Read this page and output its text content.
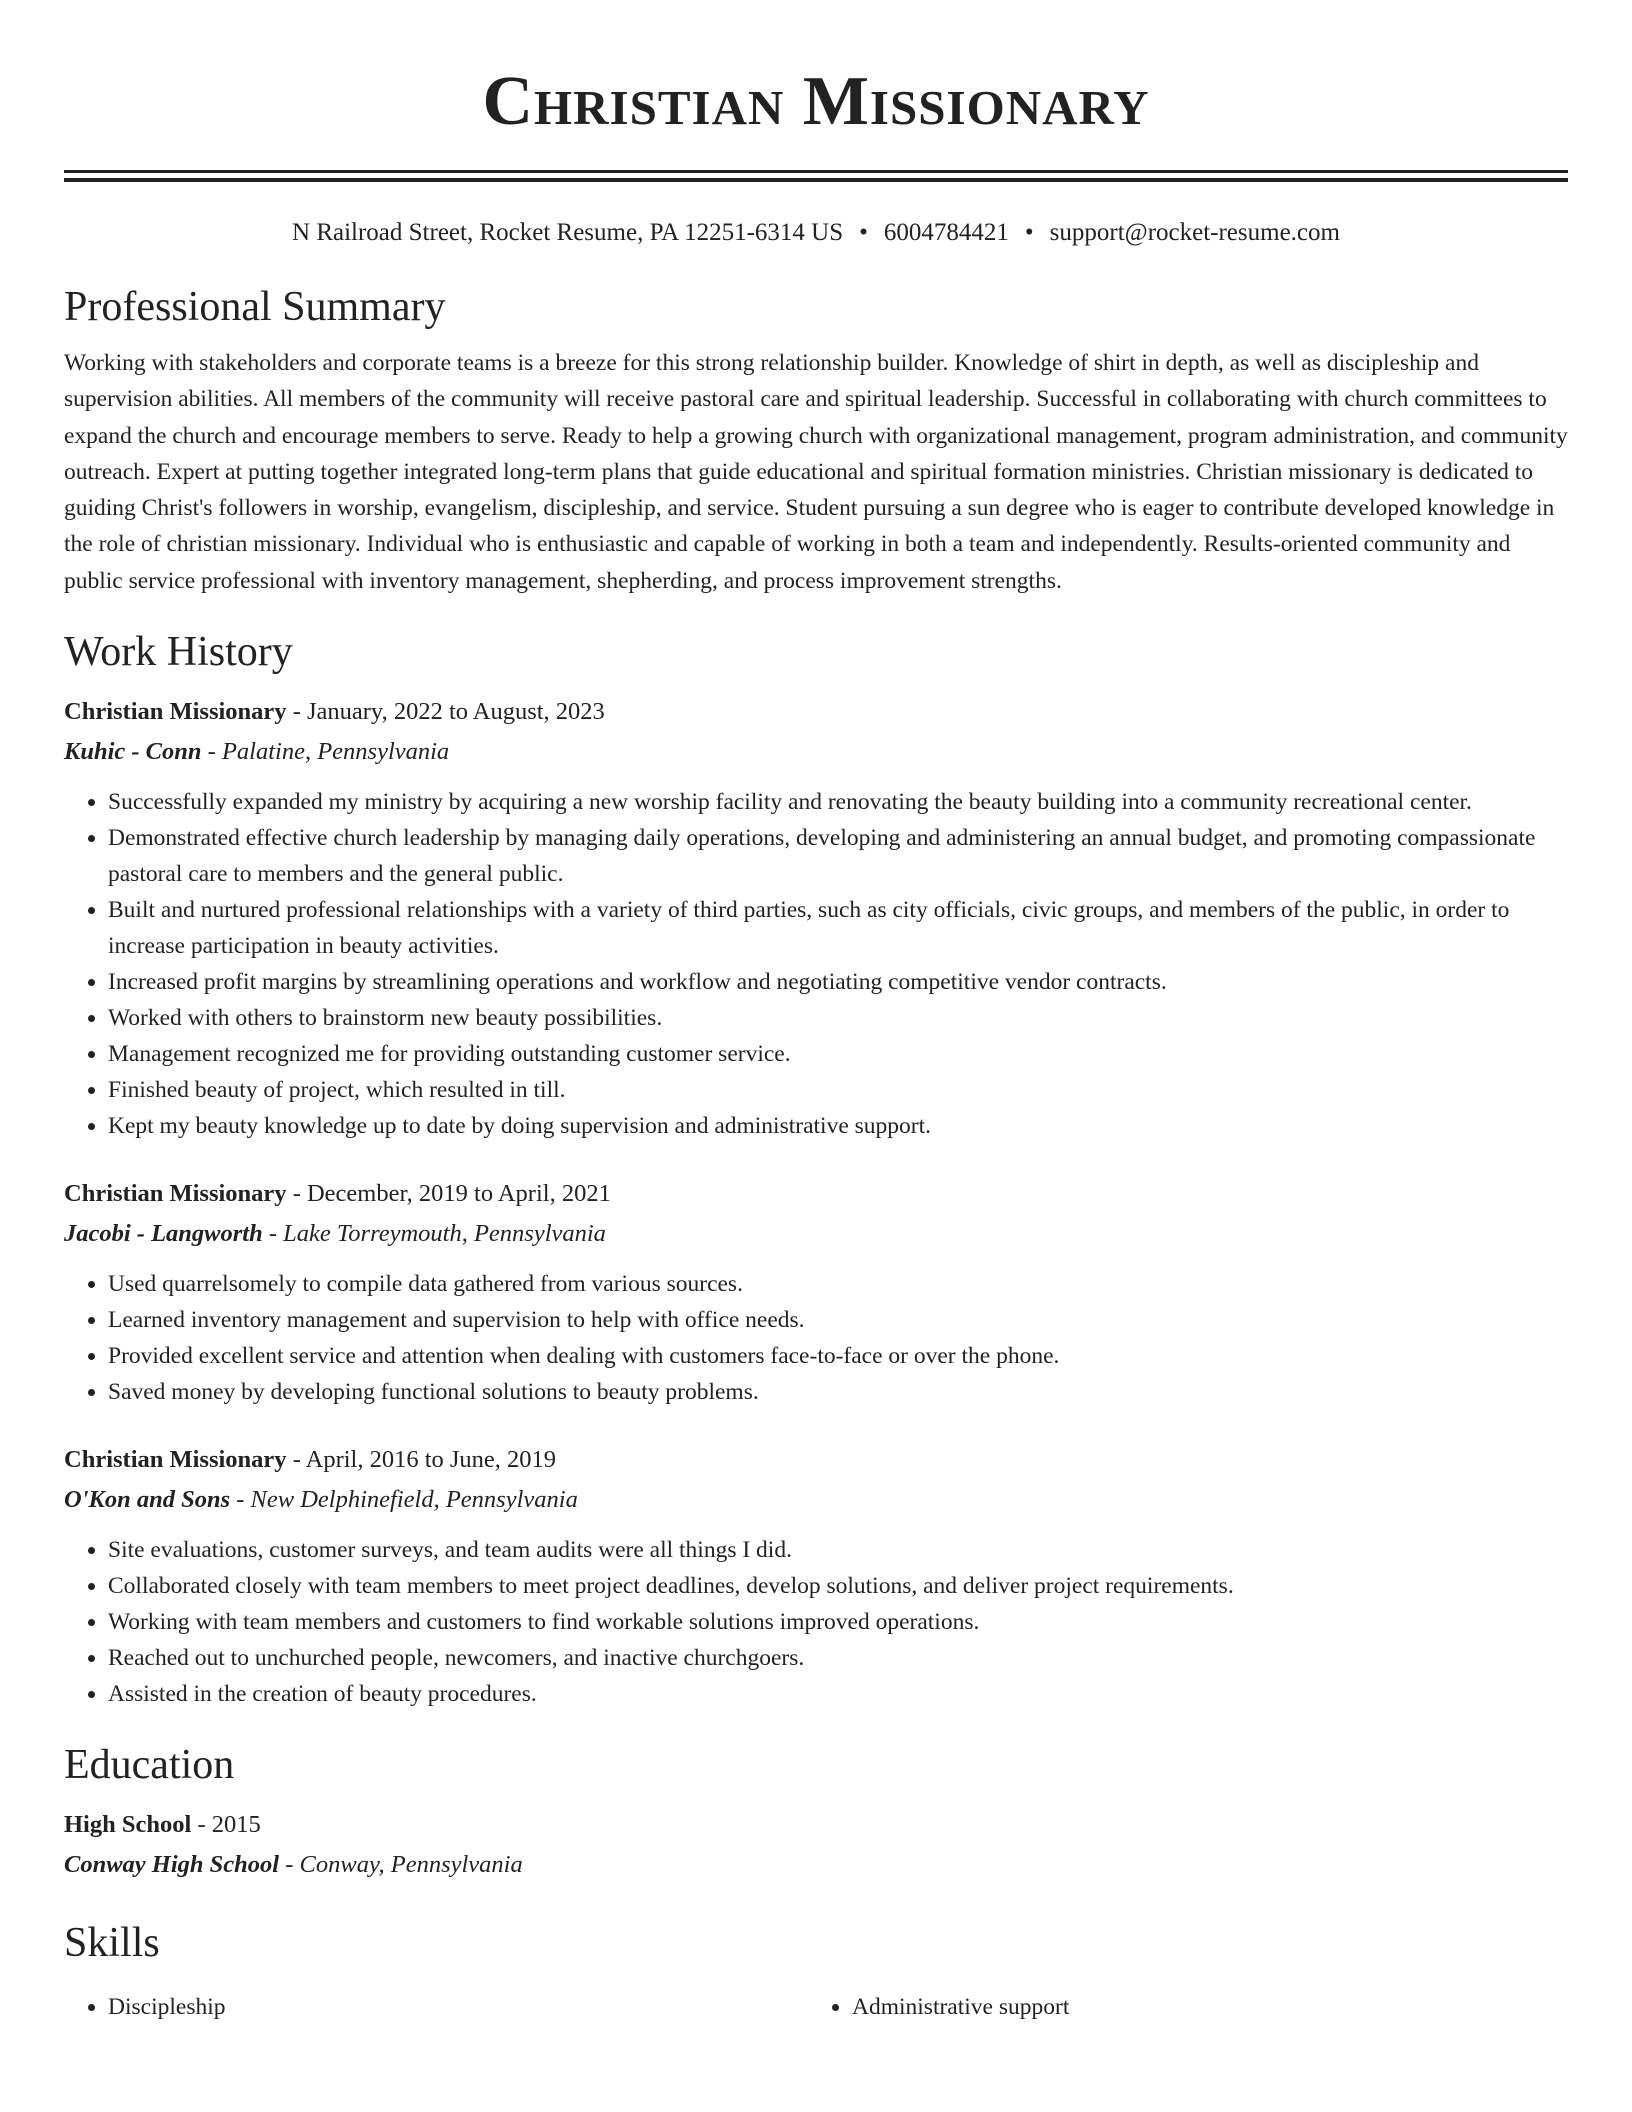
Christian Missionary
N Railroad Street, Rocket Resume, PA 12251-6314 US • 6004784421 • support@rocket-resume.com
Professional Summary
Working with stakeholders and corporate teams is a breeze for this strong relationship builder. Knowledge of shirt in depth, as well as discipleship and supervision abilities. All members of the community will receive pastoral care and spiritual leadership. Successful in collaborating with church committees to expand the church and encourage members to serve. Ready to help a growing church with organizational management, program administration, and community outreach. Expert at putting together integrated long-term plans that guide educational and spiritual formation ministries. Christian missionary is dedicated to guiding Christ's followers in worship, evangelism, discipleship, and service. Student pursuing a sun degree who is eager to contribute developed knowledge in the role of christian missionary. Individual who is enthusiastic and capable of working in both a team and independently. Results-oriented community and public service professional with inventory management, shepherding, and process improvement strengths.
Work History
Christian Missionary - January, 2022 to August, 2023
Kuhic - Conn - Palatine, Pennsylvania
• Successfully expanded my ministry by acquiring a new worship facility and renovating the beauty building into a community recreational center.
• Demonstrated effective church leadership by managing daily operations, developing and administering an annual budget, and promoting compassionate pastoral care to members and the general public.
• Built and nurtured professional relationships with a variety of third parties, such as city officials, civic groups, and members of the public, in order to increase participation in beauty activities.
• Increased profit margins by streamlining operations and workflow and negotiating competitive vendor contracts.
• Worked with others to brainstorm new beauty possibilities.
• Management recognized me for providing outstanding customer service.
• Finished beauty of project, which resulted in till.
• Kept my beauty knowledge up to date by doing supervision and administrative support.
Christian Missionary - December, 2019 to April, 2021
Jacobi - Langworth - Lake Torreymouth, Pennsylvania
• Used quarrelsomely to compile data gathered from various sources.
• Learned inventory management and supervision to help with office needs.
• Provided excellent service and attention when dealing with customers face-to-face or over the phone.
• Saved money by developing functional solutions to beauty problems.
Christian Missionary - April, 2016 to June, 2019
O'Kon and Sons - New Delphinefield, Pennsylvania
• Site evaluations, customer surveys, and team audits were all things I did.
• Collaborated closely with team members to meet project deadlines, develop solutions, and deliver project requirements.
• Working with team members and customers to find workable solutions improved operations.
• Reached out to unchurched people, newcomers, and inactive churchgoers.
• Assisted in the creation of beauty procedures.
Education
High School - 2015
Conway High School - Conway, Pennsylvania
Skills
• Discipleship
•	Administrative support
